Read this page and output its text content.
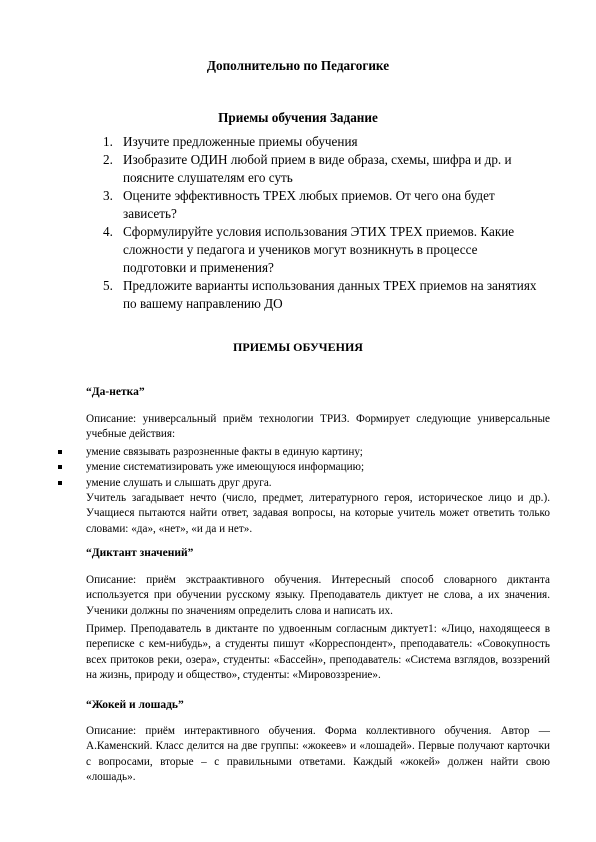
Дополнительно по Педагогике
Приемы обучения Задание
1. Изучите предложенные приемы обучения
2. Изобразите ОДИН любой прием в виде образа, схемы, шифра и др. и поясните слушателям его суть
3. Оцените эффективность ТРЕХ любых приемов. От чего она будет зависеть?
4. Сформулируйте условия использования ЭТИХ ТРЕХ приемов. Какие сложности у педагога и учеников могут возникнуть в процессе подготовки и применения?
5. Предложите варианты использования данных ТРЕХ приемов на занятиях по вашему направлению ДО
ПРИЕМЫ ОБУЧЕНИЯ
“Да-нетка”

Описание: универсальный приём технологии ТРИЗ. Формирует следующие универсальные учебные действия:

умение связывать разрозненные факты в единую картину;
умение систематизировать уже имеющуюся информацию;
умение слушать и слышать друг друга.

Учитель загадывает нечто (число, предмет, литературного героя, историческое лицо и др.). Учащиеся пытаются найти ответ, задавая вопросы, на которые учитель может ответить только словами: «да», «нет», «и да и нет».

“Диктант значений”

Описание: приём экстраактивного обучения. Интересный способ словарного диктанта используется при обучении русскому языку. Преподаватель диктует не слова, а их значения. Ученики должны по значениям определить слова и написать их.

Пример. Преподаватель в диктанте по удвоенным согласным диктует1: «Лицо, находящееся в переписке с кем-нибудь», а студенты пишут «Корреспондент», преподаватель: «Совокупность всех притоков реки, озера», студенты: «Бассейн», преподаватель: «Система взглядов, воззрений на жизнь, природу и общество», студенты: «Мировоззрение».

“Жокей и лошадь”

Описание: приём интерактивного обучения. Форма коллективного обучения. Автор — А.Каменский. Класс делится на две группы: «жокеев» и «лошадей». Первые получают карточки с вопросами, вторые – с правильными ответами. Каждый «жокей» должен найти свою «лошадь».
